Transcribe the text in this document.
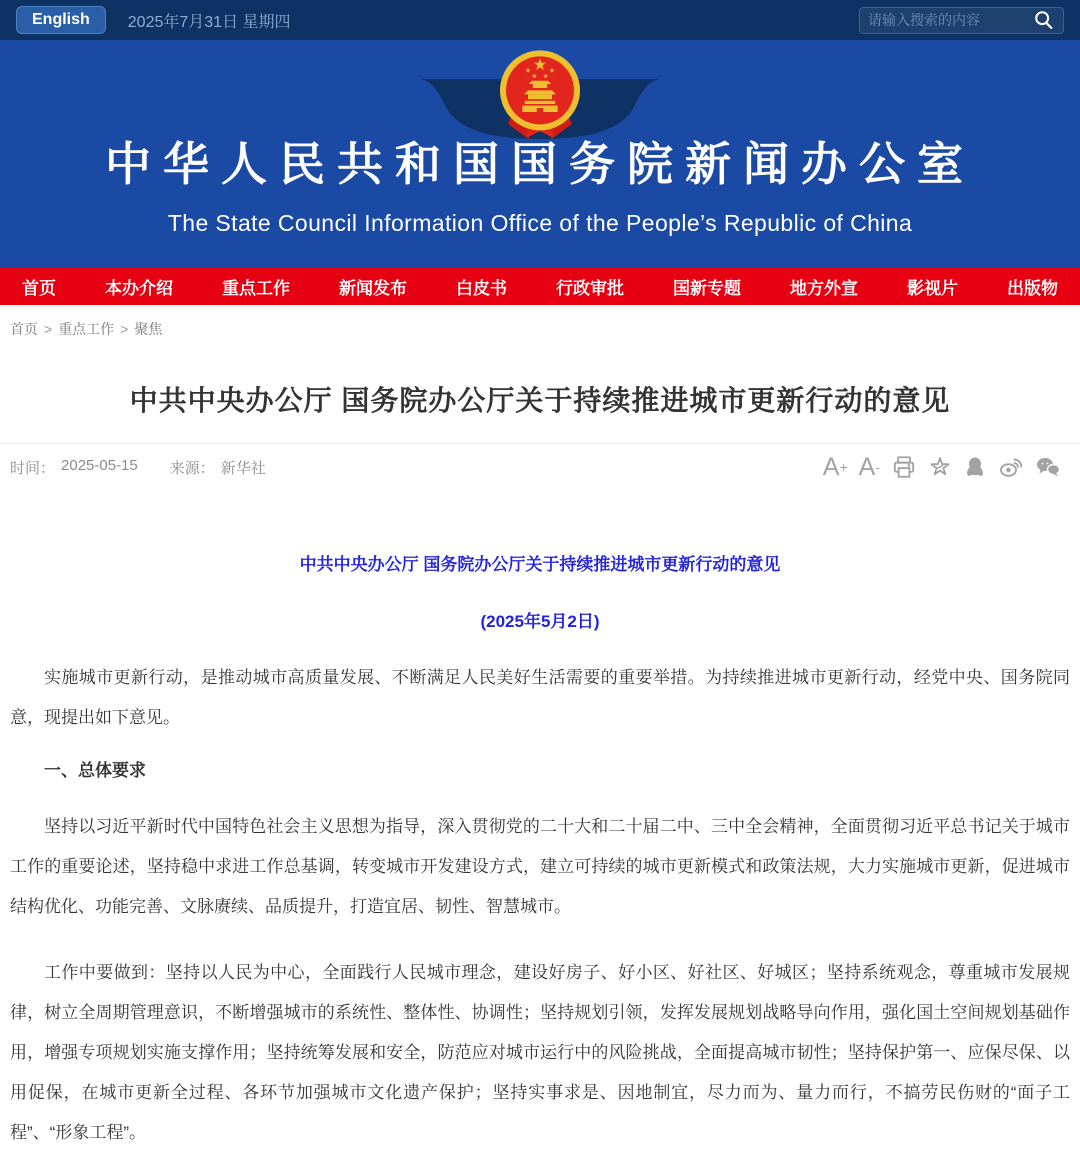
English	2025年7月31日 星期四
请输入搜索的内容
中华人民共和国国务院新闻办公室
The State Council Information Office of the People’s Republic of China
首页	本办介绍	重点工作	新闻发布	白皮书	行政审批	国新专题	地方外宣	影视片	出版物
首页 > 重点工作 > 聚焦
中共中央办公厅 国务院办公厅关于持续推进城市更新行动的意见
时间： 2025-05-15 来源： 新华社	A + A -
中共中央办公厅 国务院办公厅关于持续推进城市更新行动的意见
(2025年5月2日)

实施城市更新行动，是推动城市高质量发展、不断满足人民美好生活需要的重要举措。为持续推进城市更新行动，经党中央、国务院同意，现提出如下意见。

一、总体要求

坚持以习近平新时代中国特色社会主义思想为指导，深入贯彻党的二十大和二十届二中、三中全会精神，全面贯彻习近平总书记关于城市工作的重要论述，坚持稳中求进工作总基调，转变城市开发建设方式，建立可持续的城市更新模式和政策法规，大力实施城市更新，促进城市结构优化、功能完善、文脉赓续、品质提升，打造宜居、韧性、智慧城市。

工作中要做到：坚持以人民为中心，全面践行人民城市理念，建设好房子、好小区、好社区、好城区；坚持系统观念，尊重城市发展规律，树立全周期管理意识，不断增强城市的系统性、整体性、协调性；坚持规划引领，发挥发展规划战略导向作用，强化国土空间规划基础作用，增强专项规划实施支撑作用；坚持统筹发展和安全，防范应对城市运行中的风险挑战，全面提高城市韧性；坚持保护第一、应保尽保、以用促保，在城市更新全过程、各环节加强城市文化遗产保护；坚持实事求是、因地制宜，尽力而为、量力而行，不搞劳民伤财的“面子工程”、“形象工程”。
